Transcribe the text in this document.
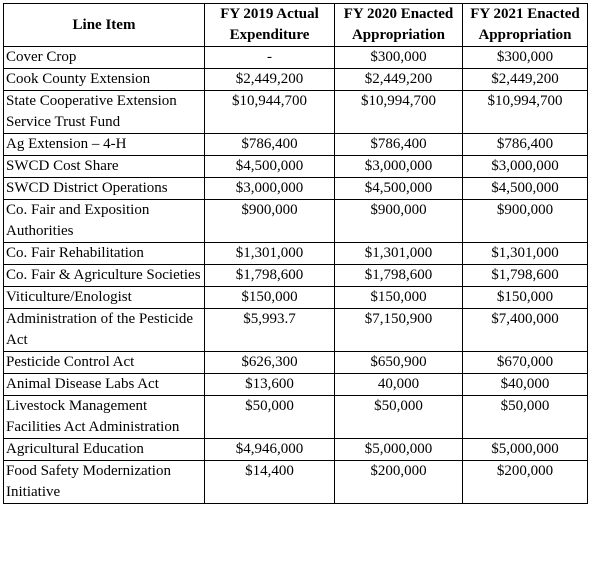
Line Item	FY 2019 Actual Expenditure	FY 2020 Enacted Appropriation	FY 2021 Enacted Appropriation
Cover Crop	-	$300,000	$300,000
Cook County Extension	$2,449,200	$2,449,200	$2,449,200
State Cooperative Extension Service Trust Fund	$10,944,700	$10,994,700	$10,994,700
Ag Extension – 4-H	$786,400	$786,400	$786,400
SWCD Cost Share	$4,500,000	$3,000,000	$3,000,000
SWCD District Operations	$3,000,000	$4,500,000	$4,500,000
Co. Fair and Exposition Authorities	$900,000	$900,000	$900,000
Co. Fair Rehabilitation	$1,301,000	$1,301,000	$1,301,000
Co. Fair & Agriculture Societies	$1,798,600	$1,798,600	$1,798,600
Viticulture/Enologist	$150,000	$150,000	$150,000
Administration of the Pesticide Act	$5,993.7	$7,150,900	$7,400,000
Pesticide Control Act	$626,300	$650,900	$670,000
Animal Disease Labs Act	$13,600	40,000	$40,000
Livestock Management Facilities Act Administration	$50,000	$50,000	$50,000
Agricultural Education	$4,946,000	$5,000,000	$5,000,000
Food Safety Modernization Initiative	$14,400	$200,000	$200,000
